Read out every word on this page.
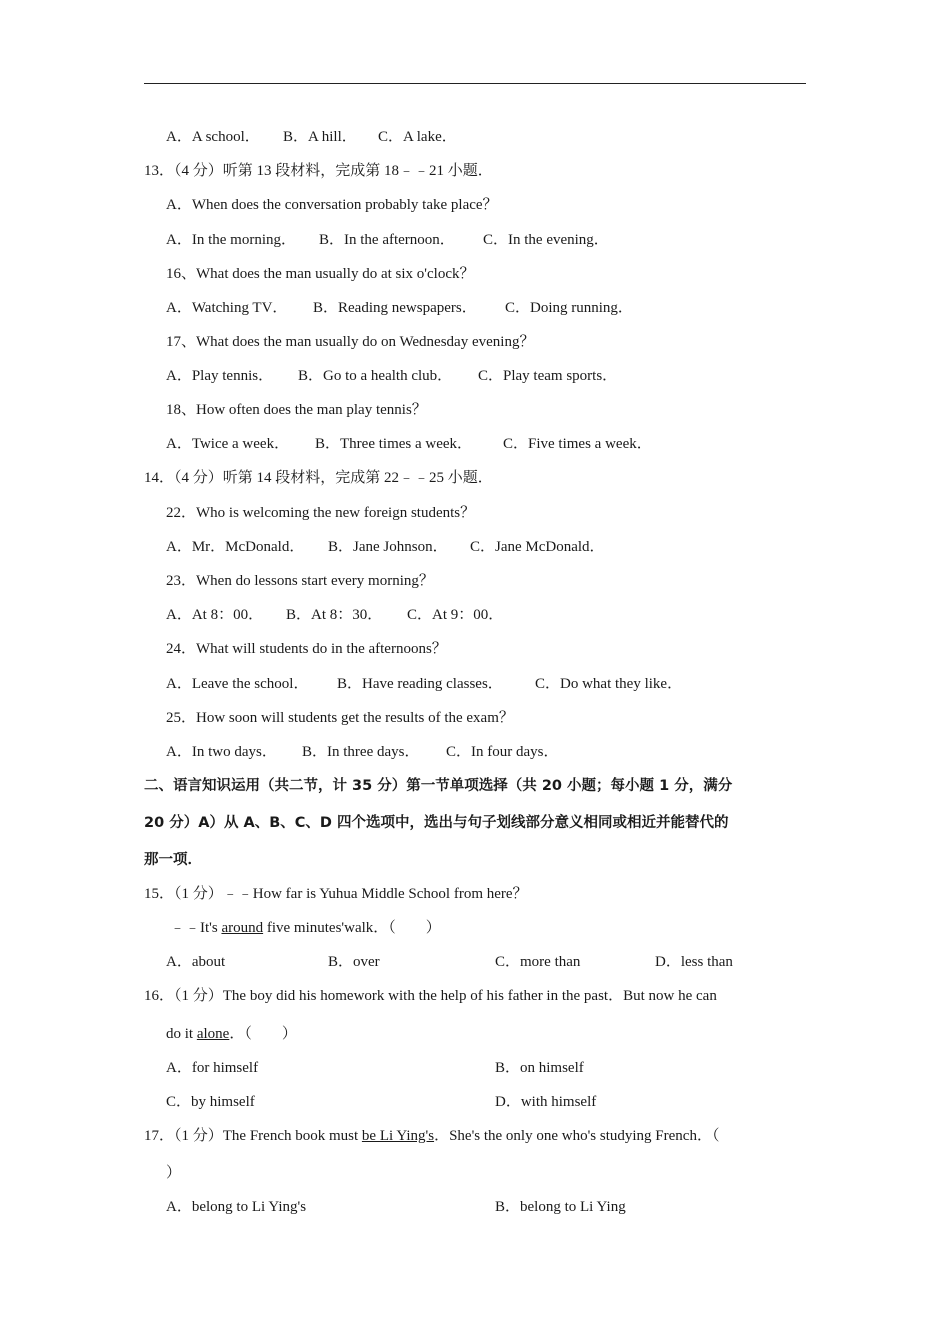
A．A school． B．A hill． C．A lake．
13．（4 分）听第 13 段材料，完成第 18﹣﹣21 小题．
A．When does the conversation probably take place？
A．In the morning． B．In the afternoon． C．In the evening．
16、What does the man usually do at six o'clock？
A．Watching TV． B．Reading newspapers． C．Doing running．
17、What does the man usually do on Wednesday evening？
A．Play tennis． B．Go to a health club． C．Play team sports．
18、How often does the man play tennis？
A．Twice a week． B．Three times a week． C．Five times a week．
14．（4 分）听第 14 段材料，完成第 22﹣﹣25 小题．
22．Who is welcoming the new foreign students？
A．Mr．McDonald． B．Jane Johnson． C．Jane McDonald．
23．When do lessons start every morning？
A．At 8：00． B．At 8：30． C．At 9：00．
24．What will students do in the afternoons？
A．Leave the school． B．Have reading classes． C．Do what they like．
25．How soon will students get the results of the exam？
A．In two days． B．In three days． C．In four days．
二、语言知识运用（共二节，计 35 分）第一节单项选择（共 20 小题；每小题 1 分，满分
20 分）A）从 A、B、C、D 四个选项中，选出与句子划线部分意义相同或相近并能替代的
那一项．
15．（1 分）﹣﹣How far is Yuhua Middle School from here？
﹣﹣It's around five minutes'walk．（　　）
A．about	B．over	C．more than	D．less than
16．（1 分）The boy did his homework with the help of his father in the past．But now he can
do it alone．（　　）
A．for himself	B．on himself
C．by himself	D．with himself
17．（1 分）The French book must be Li Ying's．She's the only one who's studying French．（
）
A．belong to Li Ying's	B．belong to Li Ying
